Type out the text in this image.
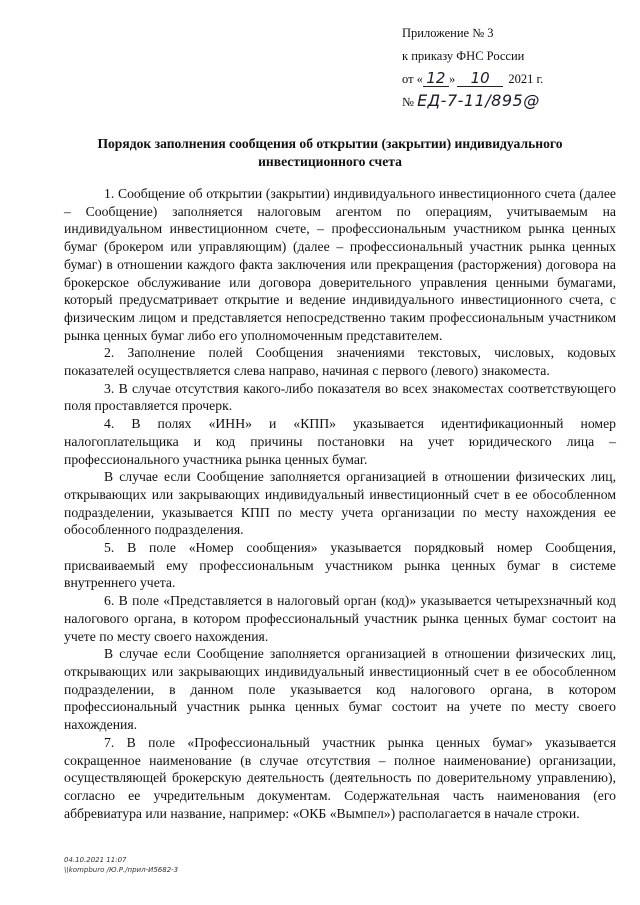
Приложение № 3
к приказу ФНС России
от « 12 » 10 2021 г.
№ ЕД-7-11/895@
Порядок заполнения сообщения об открытии (закрытии) индивидуального инвестиционного счета

1. Сообщение об открытии (закрытии) индивидуального инвестиционного счета (далее – Сообщение) заполняется налоговым агентом по операциям, учитываемым на индивидуальном инвестиционном счете, – профессиональным участником рынка ценных бумаг (брокером или управляющим) (далее – профессиональный участник рынка ценных бумаг) в отношении каждого факта заключения или прекращения (расторжения) договора на брокерское обслуживание или договора доверительного управления ценными бумагами, который предусматривает открытие и ведение индивидуального инвестиционного счета, с физическим лицом и представляется непосредственно таким профессиональным участником рынка ценных бумаг либо его уполномоченным представителем.

2. Заполнение полей Сообщения значениями текстовых, числовых, кодовых показателей осуществляется слева направо, начиная с первого (левого) знакоместа.

3. В случае отсутствия какого-либо показателя во всех знакоместах соответствующего поля проставляется прочерк.

4. В полях «ИНН» и «КПП» указывается идентификационный номер налогоплательщика и код причины постановки на учет юридического лица – профессионального участника рынка ценных бумаг.

В случае если Сообщение заполняется организацией в отношении физических лиц, открывающих или закрывающих индивидуальный инвестиционный счет в ее обособленном подразделении, указывается КПП по месту учета организации по месту нахождения ее обособленного подразделения.

5. В поле «Номер сообщения» указывается порядковый номер Сообщения, присваиваемый ему профессиональным участником рынка ценных бумаг в системе внутреннего учета.

6. В поле «Представляется в налоговый орган (код)» указывается четырехзначный код налогового органа, в котором профессиональный участник рынка ценных бумаг состоит на учете по месту своего нахождения.

В случае если Сообщение заполняется организацией в отношении физических лиц, открывающих или закрывающих индивидуальный инвестиционный счет в ее обособленном подразделении, в данном поле указывается код налогового органа, в котором профессиональный участник рынка ценных бумаг состоит на учете по месту своего нахождения.

7. В поле «Профессиональный участник рынка ценных бумаг» указывается сокращенное наименование (в случае отсутствия – полное наименование) организации, осуществляющей брокерскую деятельность (деятельность по доверительному управлению), согласно ее учредительным документам. Содержательная часть наименования (его аббревиатура или название, например: «ОКБ «Вымпел») располагается в начале строки.

04.10.2021 11:07
\\kompburo /Ю.Р./прил-И5682-3
